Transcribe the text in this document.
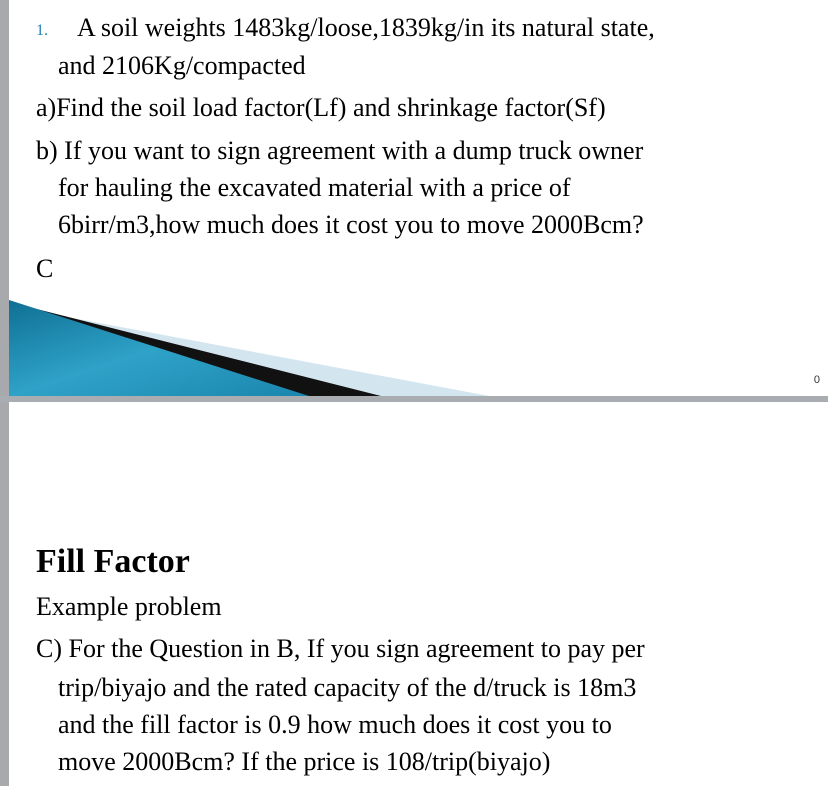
1. A soil weights 1483kg/loose,1839kg/in its natural state,
and 2106Kg/compacted
a)Find the soil load factor(Lf) and shrinkage factor(Sf)
b) If you want to sign agreement with a dump truck owner
for hauling the excavated material with a price of
6birr/m3,how much does it cost you to move 2000Bcm?
C
0
Fill Factor
Example problem
C) For the Question in B, If you sign agreement to pay per
trip/biyajo and the rated capacity of the d/truck is 18m3
and the fill factor is 0.9 how much does it cost you to
move 2000Bcm? If the price is 108/trip(biyajo)
